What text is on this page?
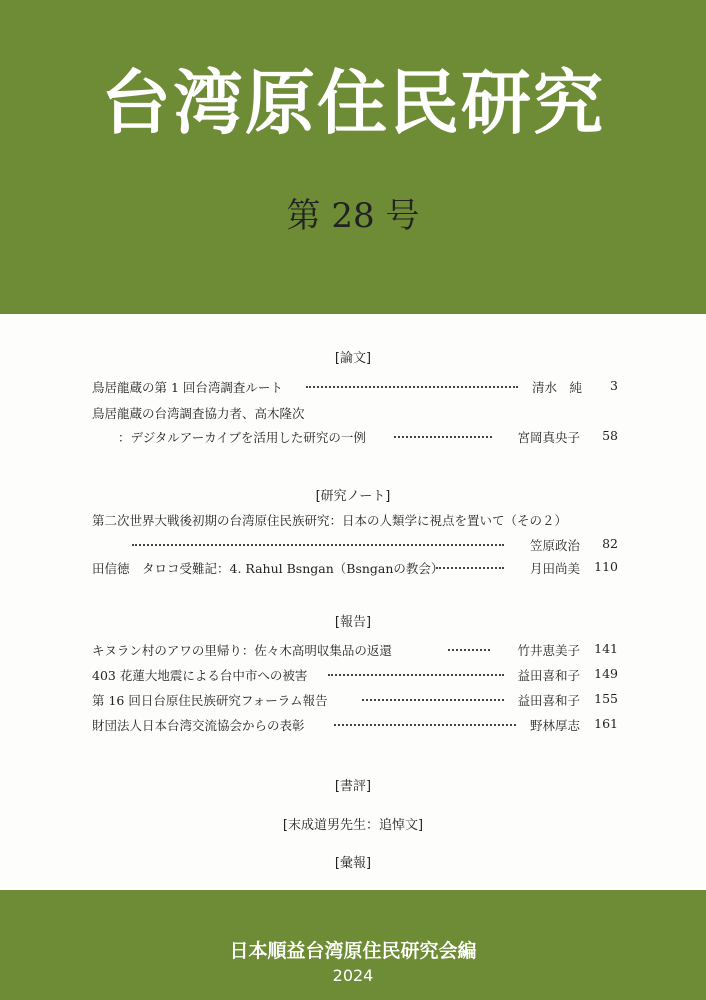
台湾原住民研究
第 28 号
[論文]
鳥居龍蔵の第 1 回台湾調査ルート	清水　純 3
鳥居龍蔵の台湾調査協力者、高木隆次
：デジタルアーカイブを活用した研究の一例	宮岡真央子 58
[研究ノート]
第二次世界大戦後初期の台湾原住民族研究：日本の人類学に視点を置いて（その２）
笠原政治 82
田信徳　タロコ受難記：4. Rahul Bsngan（Bsnganの教会）	月田尚美 110
[報告]
キヌラン村のアワの里帰り：佐々木高明収集品の返還	竹井恵美子 141
403 花蓮大地震による台中市への被害	益田喜和子 149
第 16 回日台原住民族研究フォーラム報告	益田喜和子 155
財団法人日本台湾交流協会からの表彰	野林厚志 161
[書評]
[末成道男先生：追悼文]
[彙報]
日本順益台湾原住民研究会編
2024
